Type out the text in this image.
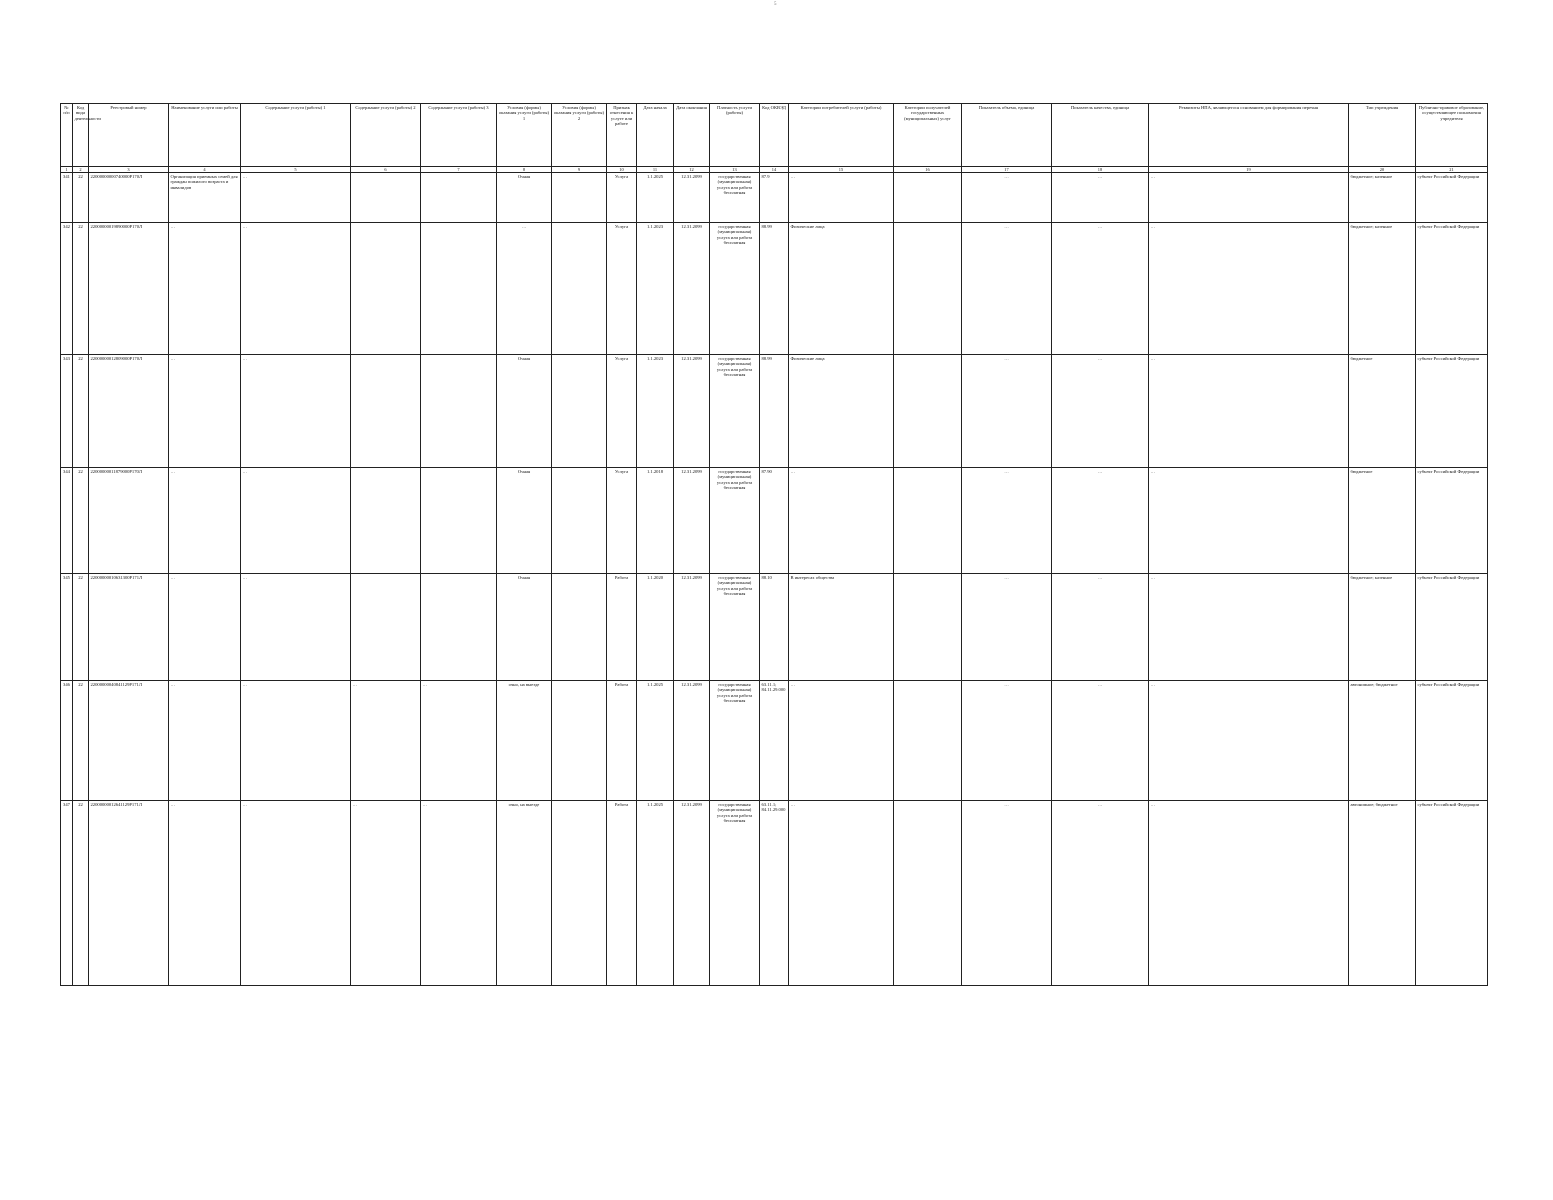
5
№ п/п	Код вида деятельности	Реестровый номер	Наименование услуги или работы	Содержание услуги (работы) 1	Содержание услуги (работы) 2	Содержание услуги (работы) 3	Условия (формы) оказания услуги (работы) 1	Условия (формы) оказания услуги (работы) 2	Признак отнесения к услуге или работе	Дата начала	Дата окончания	Платность услуги (работы)	Код ОКВЭД	Категории потребителей услуги (работы)	Категории получателей государственных (муниципальных) услуг	Показатель объема, единица	Показатель качества, единица	Реквизиты НПА, являющегося основанием для формирования перечня	Тип учреждения	Публично-правовое образование, осуществляющее полномочия учредителя
1	2	3	4	5	6	7	8	9	10	11	12	13	14	15	16	17	18	19	20	21
341	22	22000000000740000Р170Л	Организация приемных семей для граждан пожилого возраста и инвалидов	…			Очная		Услуга	1.1.2025	12.31.2099	государственная (муниципальная) услуга или работа бесплатная	87.9	…		…	…	…	бюджетное; казенное	субъект Российской Федерации
342	22	22000000019890000Р170Л	…	…			…		Услуга	1.1.2023	12.31.2099	государственная (муниципальная) услуга или работа бесплатная	88.99	Физические лица		…	…	…	бюджетное; казенное	субъект Российской Федерации
343	22	22000000012809000Р170Л	…	…			Очная		Услуга	1.1.2023	12.31.2099	государственная (муниципальная) услуга или работа бесплатная	88.99	Физические лица		…	…	…	бюджетное	субъект Российской Федерации
344	22	22000000011879000Р170Л	…	…			Очная		Услуга	1.1.2018	12.31.2099	государственная (муниципальная) услуга или работа бесплатная	87.90	…		…	…	…	бюджетное	субъект Российской Федерации
345	22	22000000010631300Р171Л	…	…			Очная		Работа	1.1.2020	12.31.2099	государственная (муниципальная) услуга или работа бесплатная	88.10	В интересах общества		…	…	…	бюджетное; казенное	субъект Российской Федерации
346	22	22000000040841129Р171Л	…	…	…	…	очно, на выезде		Работа	1.1.2025	12.31.2099	государственная (муниципальная) услуга или работа бесплатная	63.11.1; 84.11.29.000	…		…	…	…	автономное; бюджетное	субъект Российской Федерации
347	22	22000000012641129Р171Л	…	…	…	…	очно, на выезде		Работа	1.1.2025	12.31.2099	государственная (муниципальная) услуга или работа бесплатная	63.11.1; 84.11.29.000	…		…	…	…	автономное; бюджетное	субъект Российской Федерации
